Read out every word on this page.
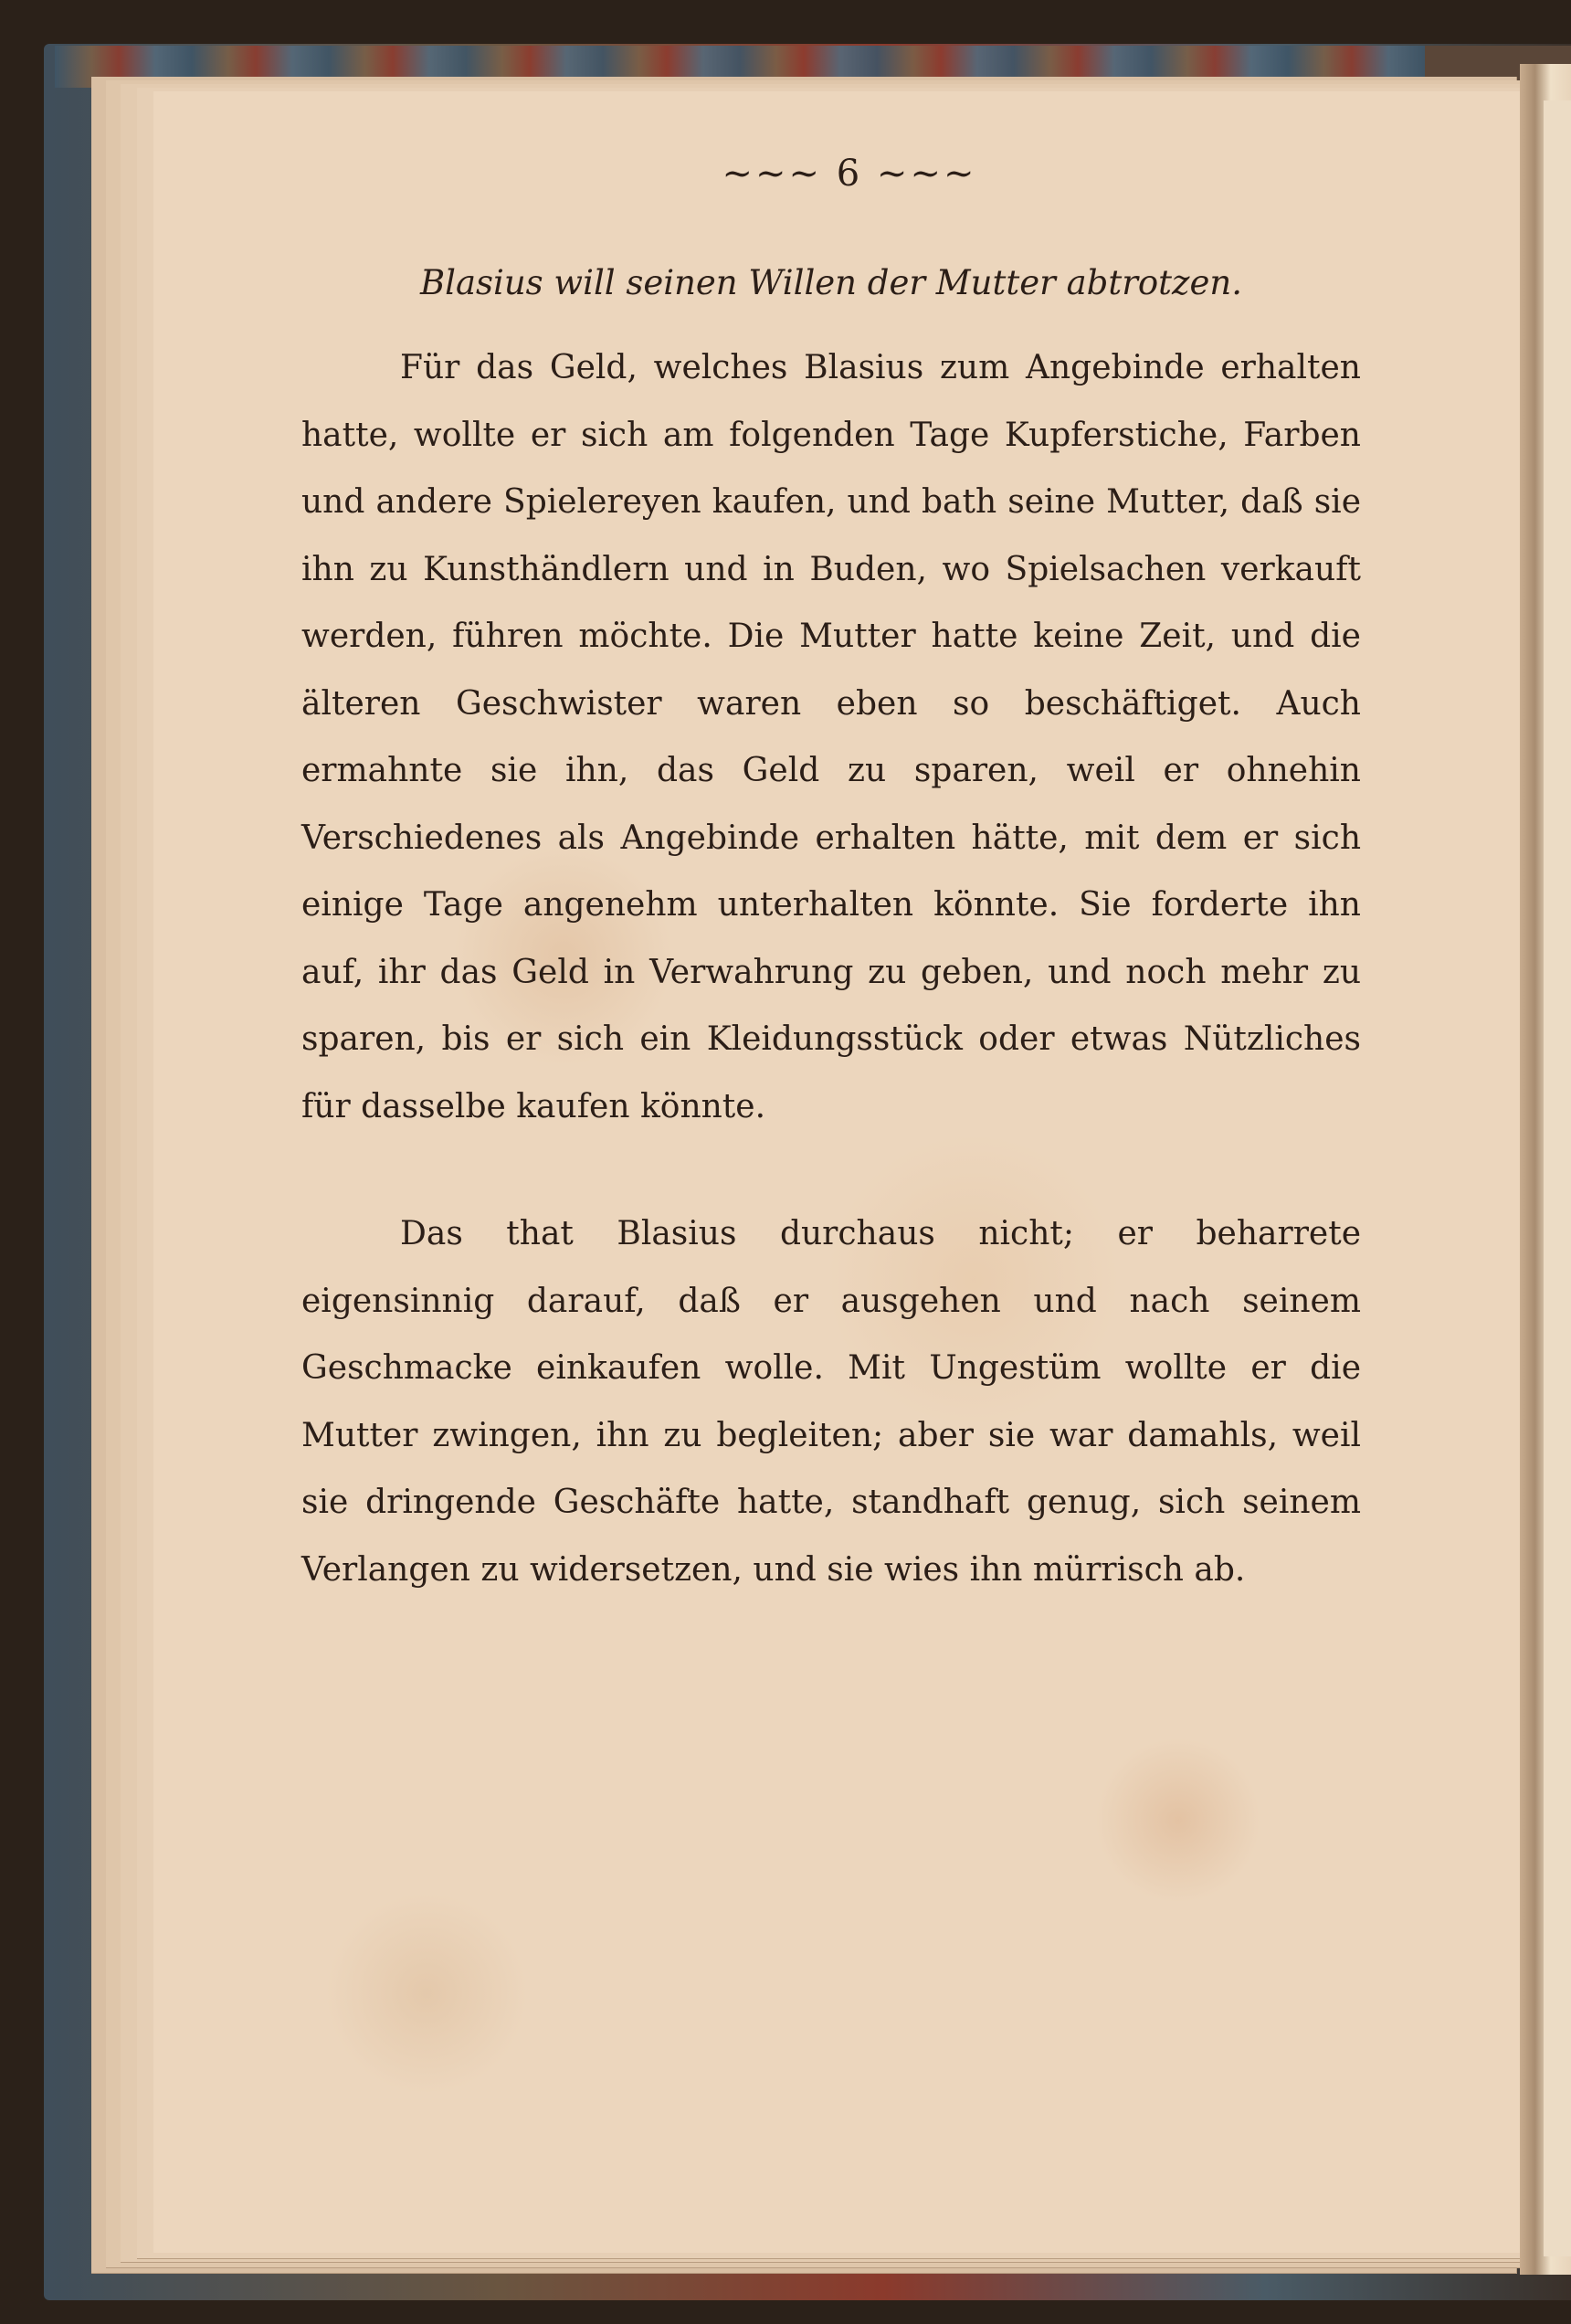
~~~ 6 ~~~
Blasius will seinen Willen der Mutter abtrotzen.

Für das Geld, welches Blasius zum Angebinde erhalten hatte, wollte er sich am folgenden Tage Kupferstiche, Farben und andere Spielereyen kaufen, und bath seine Mutter, daß sie ihn zu Kunsthändlern und in Buden, wo Spielsachen verkauft werden, führen möchte. Die Mutter hatte keine Zeit, und die älteren Geschwister waren eben so beschäftiget. Auch ermahnte sie ihn, das Geld zu sparen, weil er ohnehin Verschiedenes als Angebinde erhalten hätte, mit dem er sich einige Tage angenehm unterhalten könnte. Sie forderte ihn auf, ihr das Geld in Verwahrung zu geben, und noch mehr zu sparen, bis er sich ein Kleidungsstück oder etwas Nützliches für dasselbe kaufen könnte.

Das that Blasius durchaus nicht; er beharrete eigensinnig darauf, daß er ausgehen und nach seinem Geschmacke einkaufen wolle. Mit Ungestüm wollte er die Mutter zwingen, ihn zu begleiten; aber sie war damahls, weil sie dringende Geschäfte hatte, standhaft genug, sich seinem Verlangen zu widersetzen, und sie wies ihn mürrisch ab.
